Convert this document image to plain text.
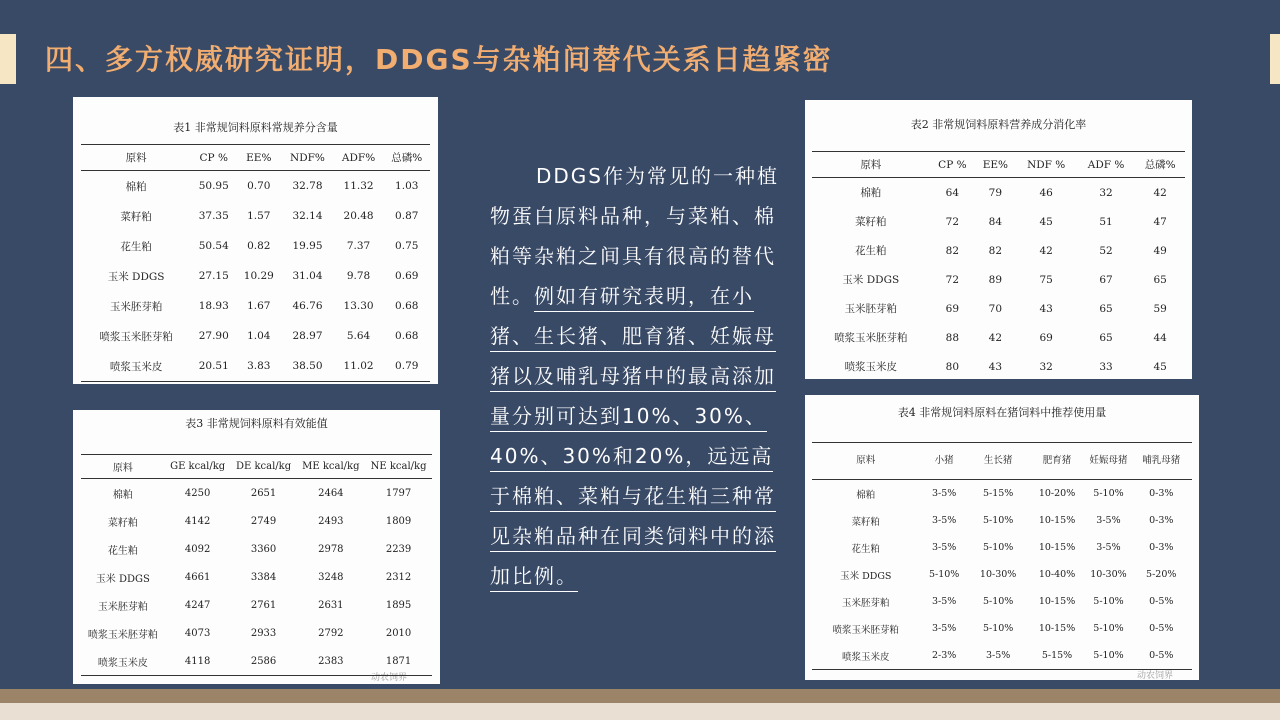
四、多方权威研究证明，DDGS与杂粕间替代关系日趋紧密
表1 非常规饲料原料常规养分含量
原料	CP %	EE%	NDF%	ADF%	总磷%
棉粕	50.95	0.70	32.78	11.32	1.03
菜籽粕	37.35	1.57	32.14	20.48	0.87
花生粕	50.54	0.82	19.95	7.37	0.75
玉米 DDGS	27.15	10.29	31.04	9.78	0.69
玉米胚芽粕	18.93	1.67	46.76	13.30	0.68
喷浆玉米胚芽粕	27.90	1.04	28.97	5.64	0.68
喷浆玉米皮	20.51	3.83	38.50	11.02	0.79
表2 非常规饲料原料营养成分消化率
原料	CP %	EE%	NDF %	ADF %	总磷%
棉粕	64	79	46	32	42
菜籽粕	72	84	45	51	47
花生粕	82	82	42	52	49
玉米 DDGS	72	89	75	67	65
玉米胚芽粕	69	70	43	65	59
喷浆玉米胚芽粕	88	42	69	65	44
喷浆玉米皮	80	43	32	33	45
表3 非常规饲料原料有效能值
动农饲界
原料	GE kcal/kg	DE kcal/kg	ME kcal/kg	NE kcal/kg
棉粕	4250	2651	2464	1797
菜籽粕	4142	2749	2493	1809
花生粕	4092	3360	2978	2239
玉米 DDGS	4661	3384	3248	2312
玉米胚芽粕	4247	2761	2631	1895
喷浆玉米胚芽粕	4073	2933	2792	2010
喷浆玉米皮	4118	2586	2383	1871
表4 非常规饲料原料在猪饲料中推荐使用量
动农饲界
原料	小猪	生长猪	肥育猪	妊娠母猪	哺乳母猪
棉粕	3-5%	5-15%	10-20%	5-10%	0-3%
菜籽粕	3-5%	5-10%	10-15%	3-5%	0-3%
花生粕	3-5%	5-10%	10-15%	3-5%	0-3%
玉米 DDGS	5-10%	10-30%	10-40%	10-30%	5-20%
玉米胚芽粕	3-5%	5-10%	10-15%	5-10%	0-5%
喷浆玉米胚芽粕	3-5%	5-10%	10-15%	5-10%	0-5%
喷浆玉米皮	2-3%	3-5%	5-15%	5-10%	0-5%
DDGS作为常见的一种植物蛋白原料品种，与菜粕、棉粕等杂粕之间具有很高的替代性。例如有研究表明，在小猪、生长猪、肥育猪、妊娠母猪以及哺乳母猪中的最高添加量分别可达到10%、30%、40%、30%和20%，远远高于棉粕、菜粕与花生粕三种常见杂粕品种在同类饲料中的添加比例。
